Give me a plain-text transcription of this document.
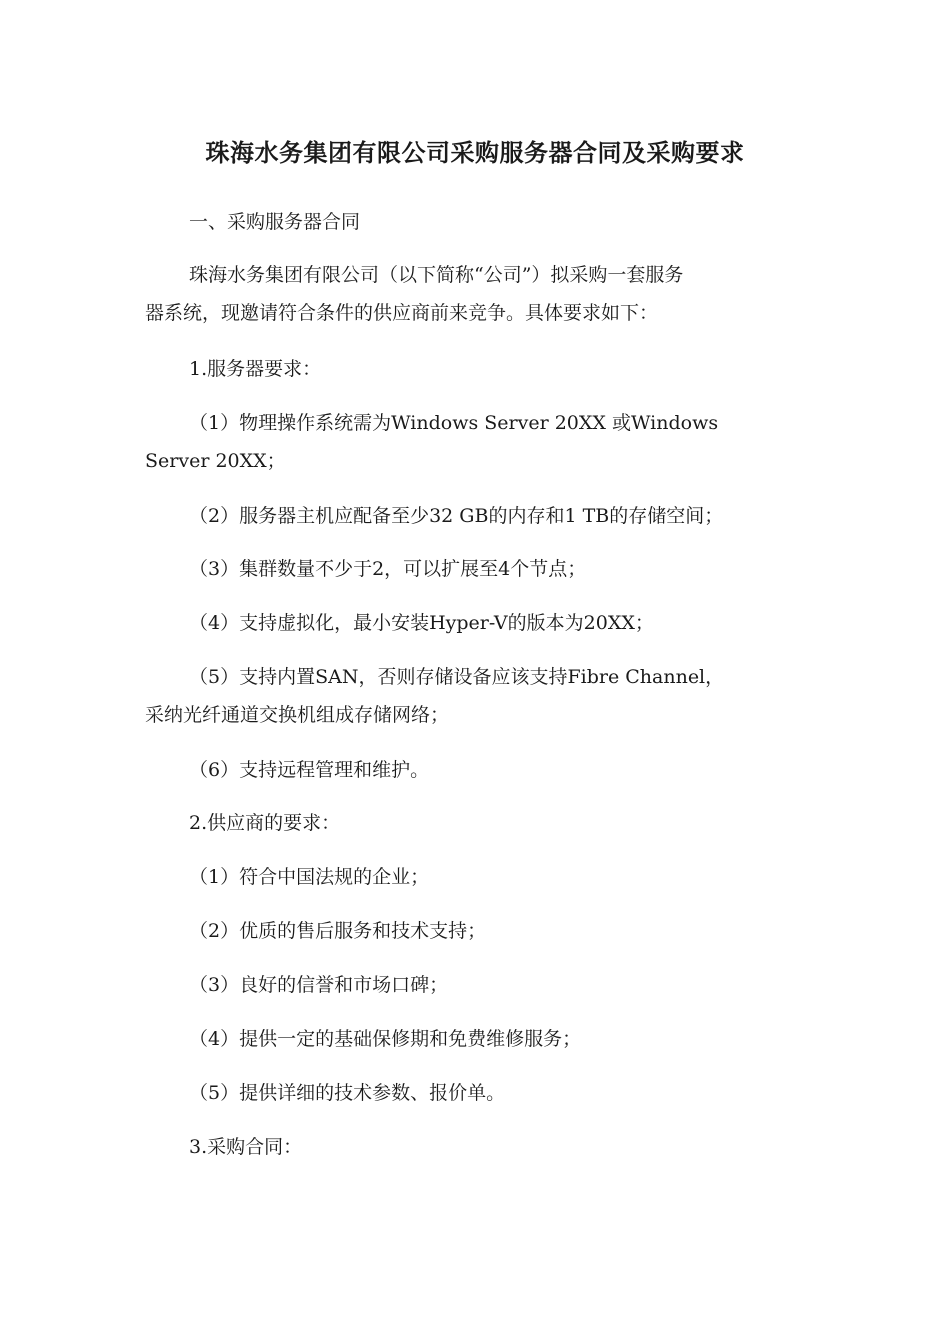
珠海水务集团有限公司采购服务器合同及采购要求

一、采购服务器合同

珠海水务集团有限公司（以下简称“公司”）拟采购一套服务
器系统，现邀请符合条件的供应商前来竞争。具体要求如下：

1.服务器要求：

（1）物理操作系统需为Windows Server 20XX 或Windows
Server 20XX；

（2）服务器主机应配备至少32 GB的内存和1 TB的存储空间；

（3）集群数量不少于2，可以扩展至4个节点；

（4）支持虚拟化，最小安装Hyper-V的版本为20XX；

（5）支持内置SAN，否则存储设备应该支持Fibre Channel，
采纳光纤通道交换机组成存储网络；

（6）支持远程管理和维护。

2.供应商的要求：

（1）符合中国法规的企业；

（2）优质的售后服务和技术支持；

（3）良好的信誉和市场口碑；

（4）提供一定的基础保修期和免费维修服务；

（5）提供详细的技术参数、报价单。

3.采购合同：
